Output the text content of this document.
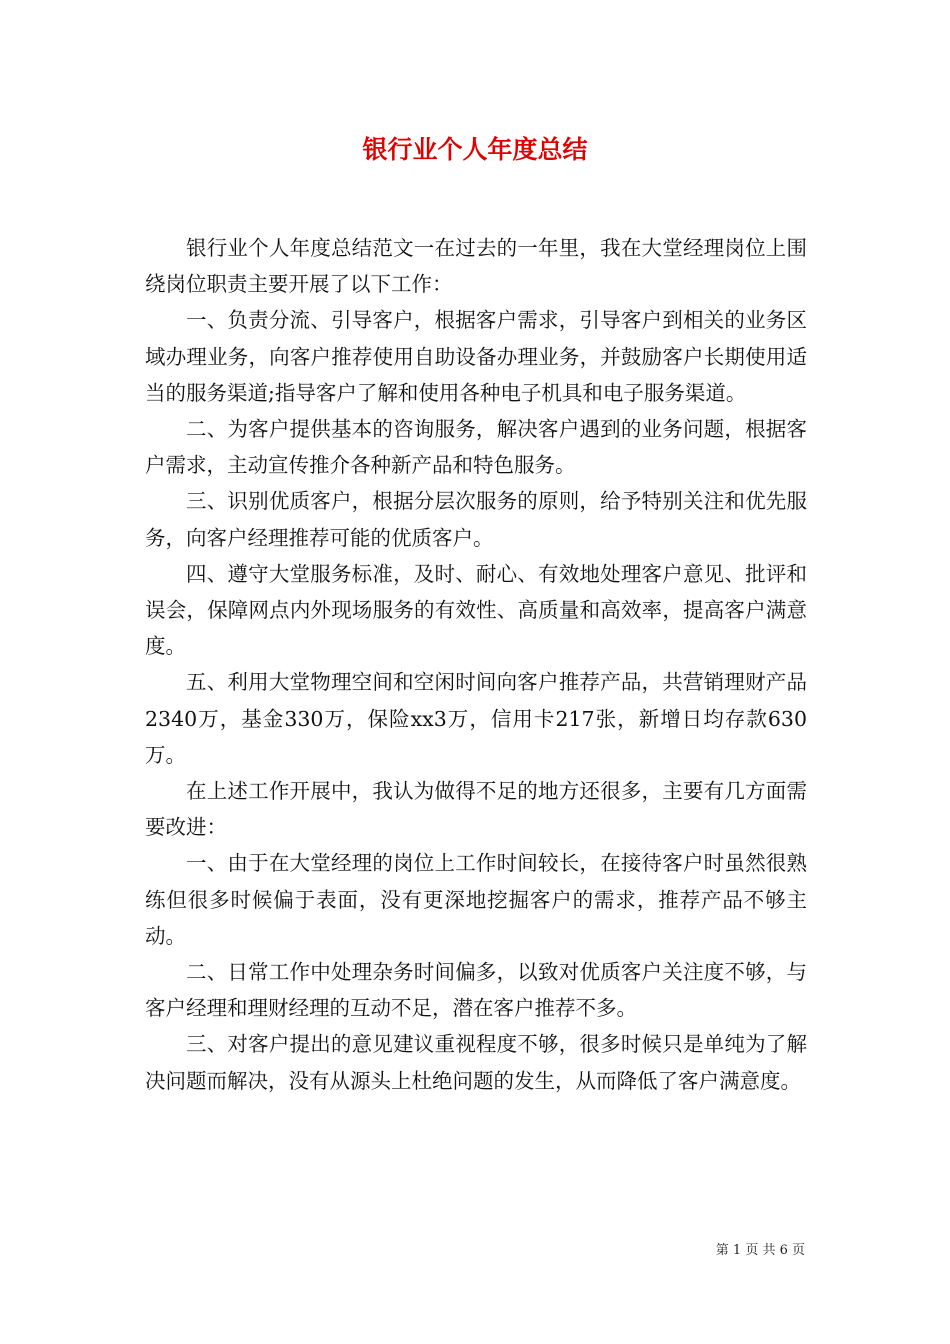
银行业个人年度总结

银行业个人年度总结范文一在过去的一年里，我在大堂经理岗位上围绕岗位职责主要开展了以下工作：

一、负责分流、引导客户，根据客户需求，引导客户到相关的业务区域办理业务，向客户推荐使用自助设备办理业务，并鼓励客户长期使用适当的服务渠道;指导客户了解和使用各种电子机具和电子服务渠道。

二、为客户提供基本的咨询服务，解决客户遇到的业务问题，根据客户需求，主动宣传推介各种新产品和特色服务。

三、识别优质客户，根据分层次服务的原则，给予特别关注和优先服务，向客户经理推荐可能的优质客户。

四、遵守大堂服务标准，及时、耐心、有效地处理客户意见、批评和误会，保障网点内外现场服务的有效性、高质量和高效率，提高客户满意度。

五、利用大堂物理空间和空闲时间向客户推荐产品，共营销理财产品2340万，基金330万，保险xx3万，信用卡217张，新增日均存款630万。

在上述工作开展中，我认为做得不足的地方还很多，主要有几方面需要改进：

一、由于在大堂经理的岗位上工作时间较长，在接待客户时虽然很熟练但很多时候偏于表面，没有更深地挖掘客户的需求，推荐产品不够主动。

二、日常工作中处理杂务时间偏多，以致对优质客户关注度不够，与客户经理和理财经理的互动不足，潜在客户推荐不多。

三、对客户提出的意见建议重视程度不够，很多时候只是单纯为了解决问题而解决，没有从源头上杜绝问题的发生，从而降低了客户满意度。

第 1 页 共 6 页
